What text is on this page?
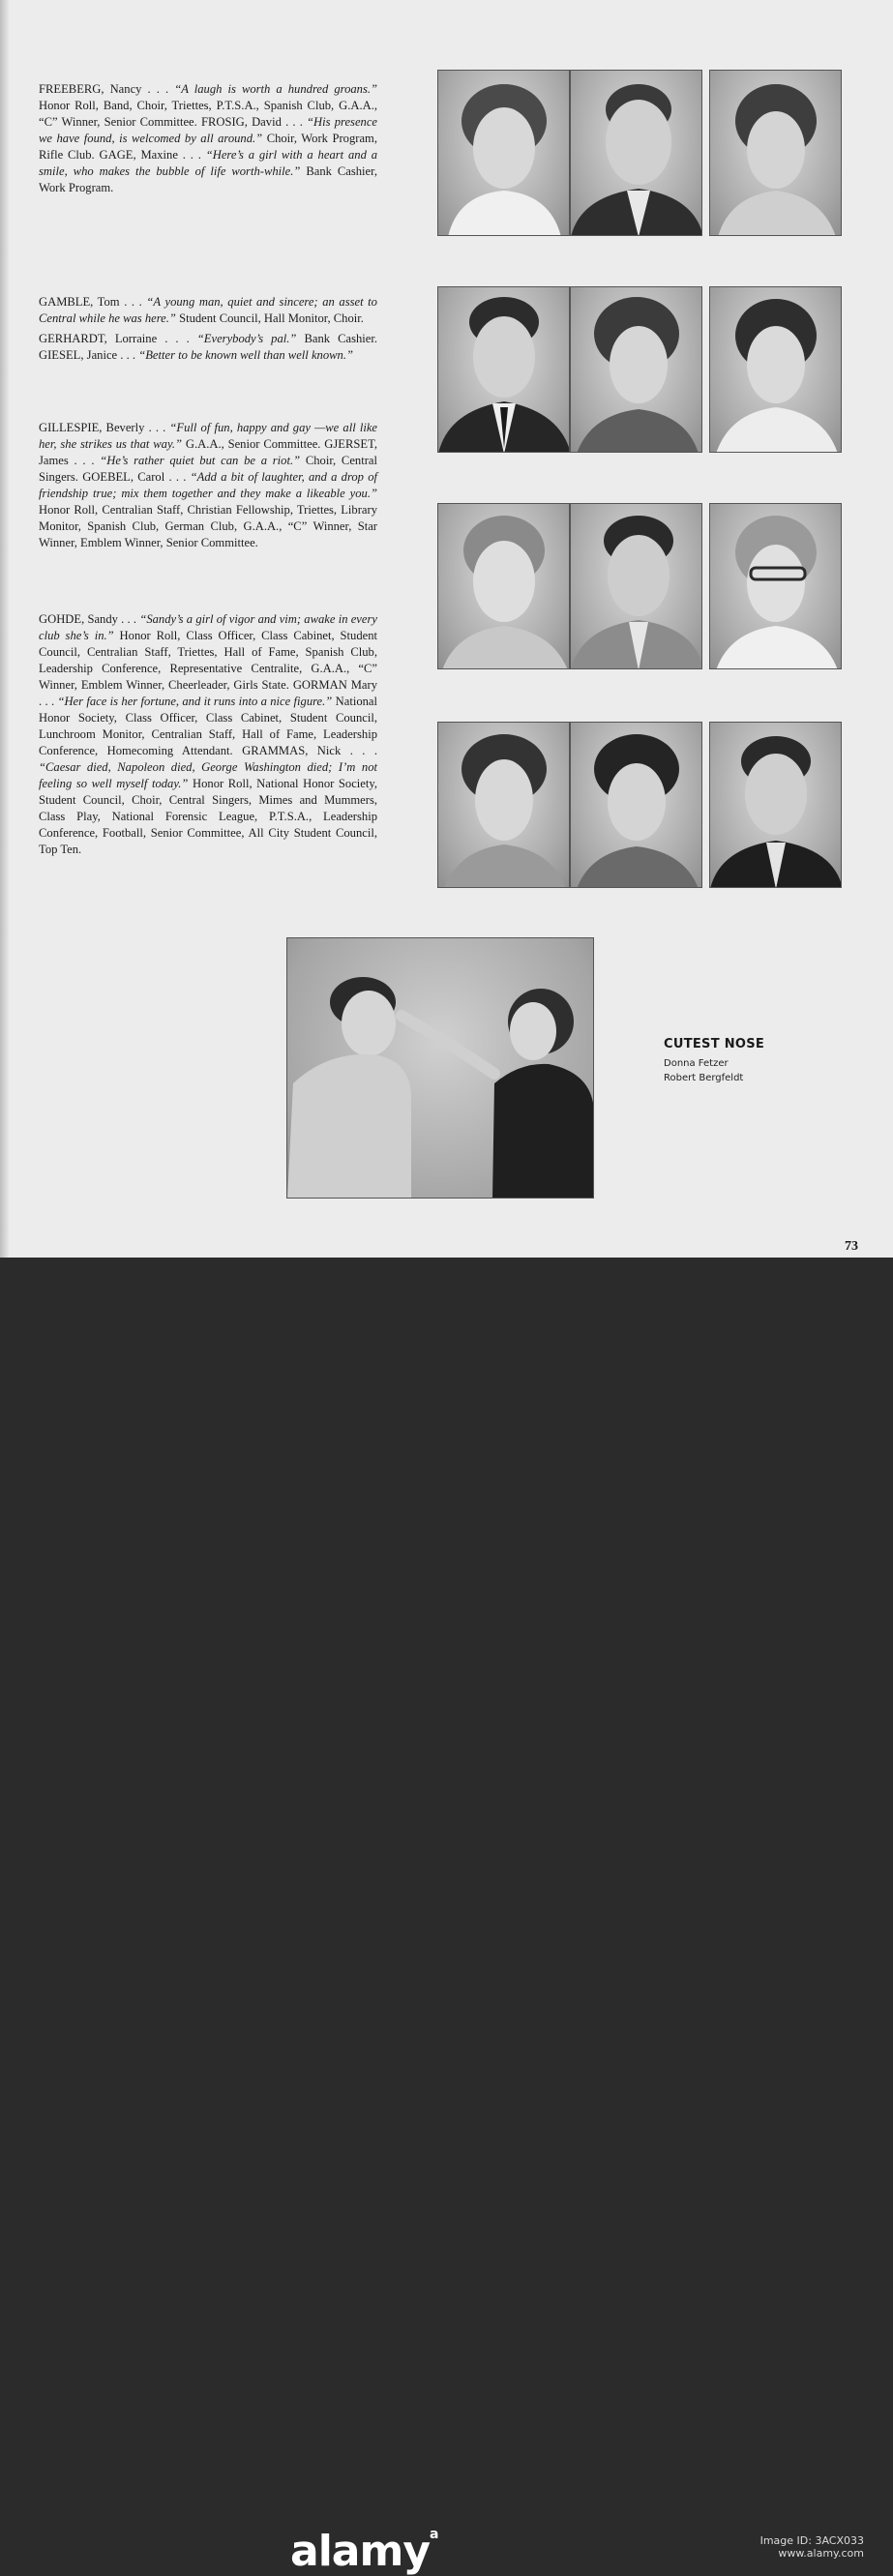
FREEBERG, Nancy . . . “A laugh is worth a hundred groans.” Honor Roll, Band, Choir, Triettes, P.T.S.A., Spanish Club, G.A.A., “C” Winner, Senior Committee. FROSIG, David . . . “His presence we have found, is welcomed by all around.” Choir, Work Program, Rifle Club. GAGE, Maxine . . . “Here’s a girl with a heart and a smile, who makes the bubble of life worth-while.” Bank Cashier, Work Program.

GAMBLE, Tom . . . “A young man, quiet and sincere; an asset to Central while he was here.” Student Council, Hall Monitor, Choir.

GERHARDT, Lorraine . . . “Everybody’s pal.” Bank Cashier. GIESEL, Janice . . . “Better to be known well than well known.”

GILLESPIE, Beverly . . . “Full of fun, happy and gay —we all like her, she strikes us that way.” G.A.A., Senior Committee. GJERSET, James . . . “He’s rather quiet but can be a riot.” Choir, Central Singers. GOEBEL, Carol . . . “Add a bit of laughter, and a drop of friendship true; mix them together and they make a likeable you.” Honor Roll, Centralian Staff, Christian Fellowship, Triettes, Library Monitor, Spanish Club, German Club, G.A.A., “C” Winner, Star Winner, Emblem Winner, Senior Committee.

GOHDE, Sandy . . . “Sandy’s a girl of vigor and vim; awake in every club she’s in.” Honor Roll, Class Officer, Class Cabinet, Student Council, Centralian Staff, Triettes, Hall of Fame, Spanish Club, Leadership Conference, Representative Centralite, G.A.A., “C” Winner, Emblem Winner, Cheerleader, Girls State. GORMAN Mary . . . “Her face is her fortune, and it runs into a nice figure.” National Honor Society, Class Officer, Class Cabinet, Student Council, Lunchroom Monitor, Centralian Staff, Hall of Fame, Leadership Conference, Homecoming Attendant. GRAMMAS, Nick . . . “Caesar died, Napoleon died, George Washington died; I’m not feeling so well myself today.” Honor Roll, National Honor Society, Student Council, Choir, Central Singers, Mimes and Mummers, Class Play, National Forensic League, P.T.S.A., Leadership Conference, Football, Senior Committee, All City Student Council, Top Ten.

CUTEST NOSE
Donna Fetzer
Robert Bergfeldt
73
alamy$^a$	Image ID: 3ACX033
www.alamy.com
